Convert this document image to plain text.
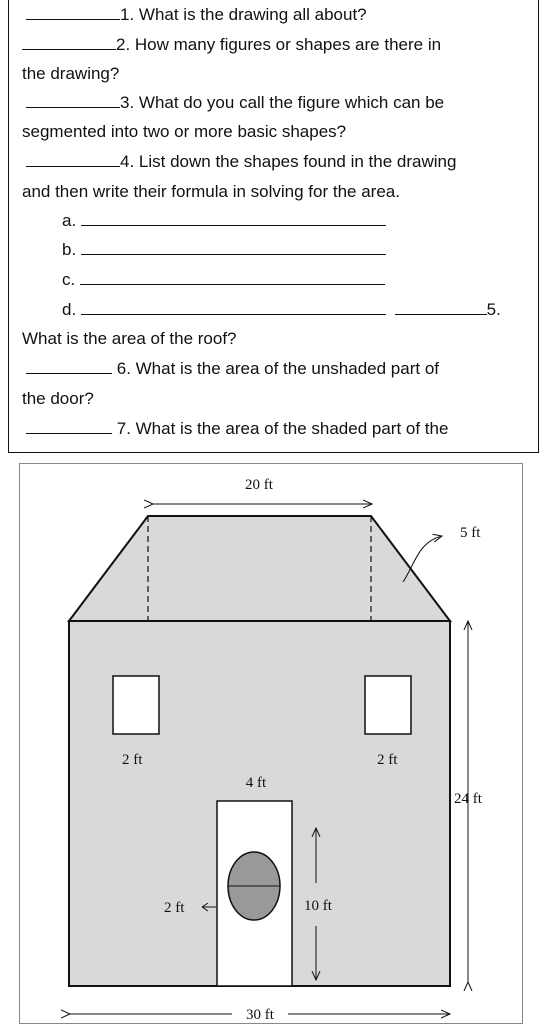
1. What is the drawing all about?
2. How many figures or shapes are there in
the drawing?
3. What do you call the figure which can be
segmented into two or more basic shapes?
4. List down the shapes found in the drawing
and then write their formula in solving for the area.
a.
b.
c.
d.	5.
What is the area of the roof?
6. What is the area of the unshaded part of
the door?
7. What is the area of the shaded part of the
20 ft
5 ft
24 ft
2 ft	2 ft
4 ft
10 ft
2 ft
30 ft
